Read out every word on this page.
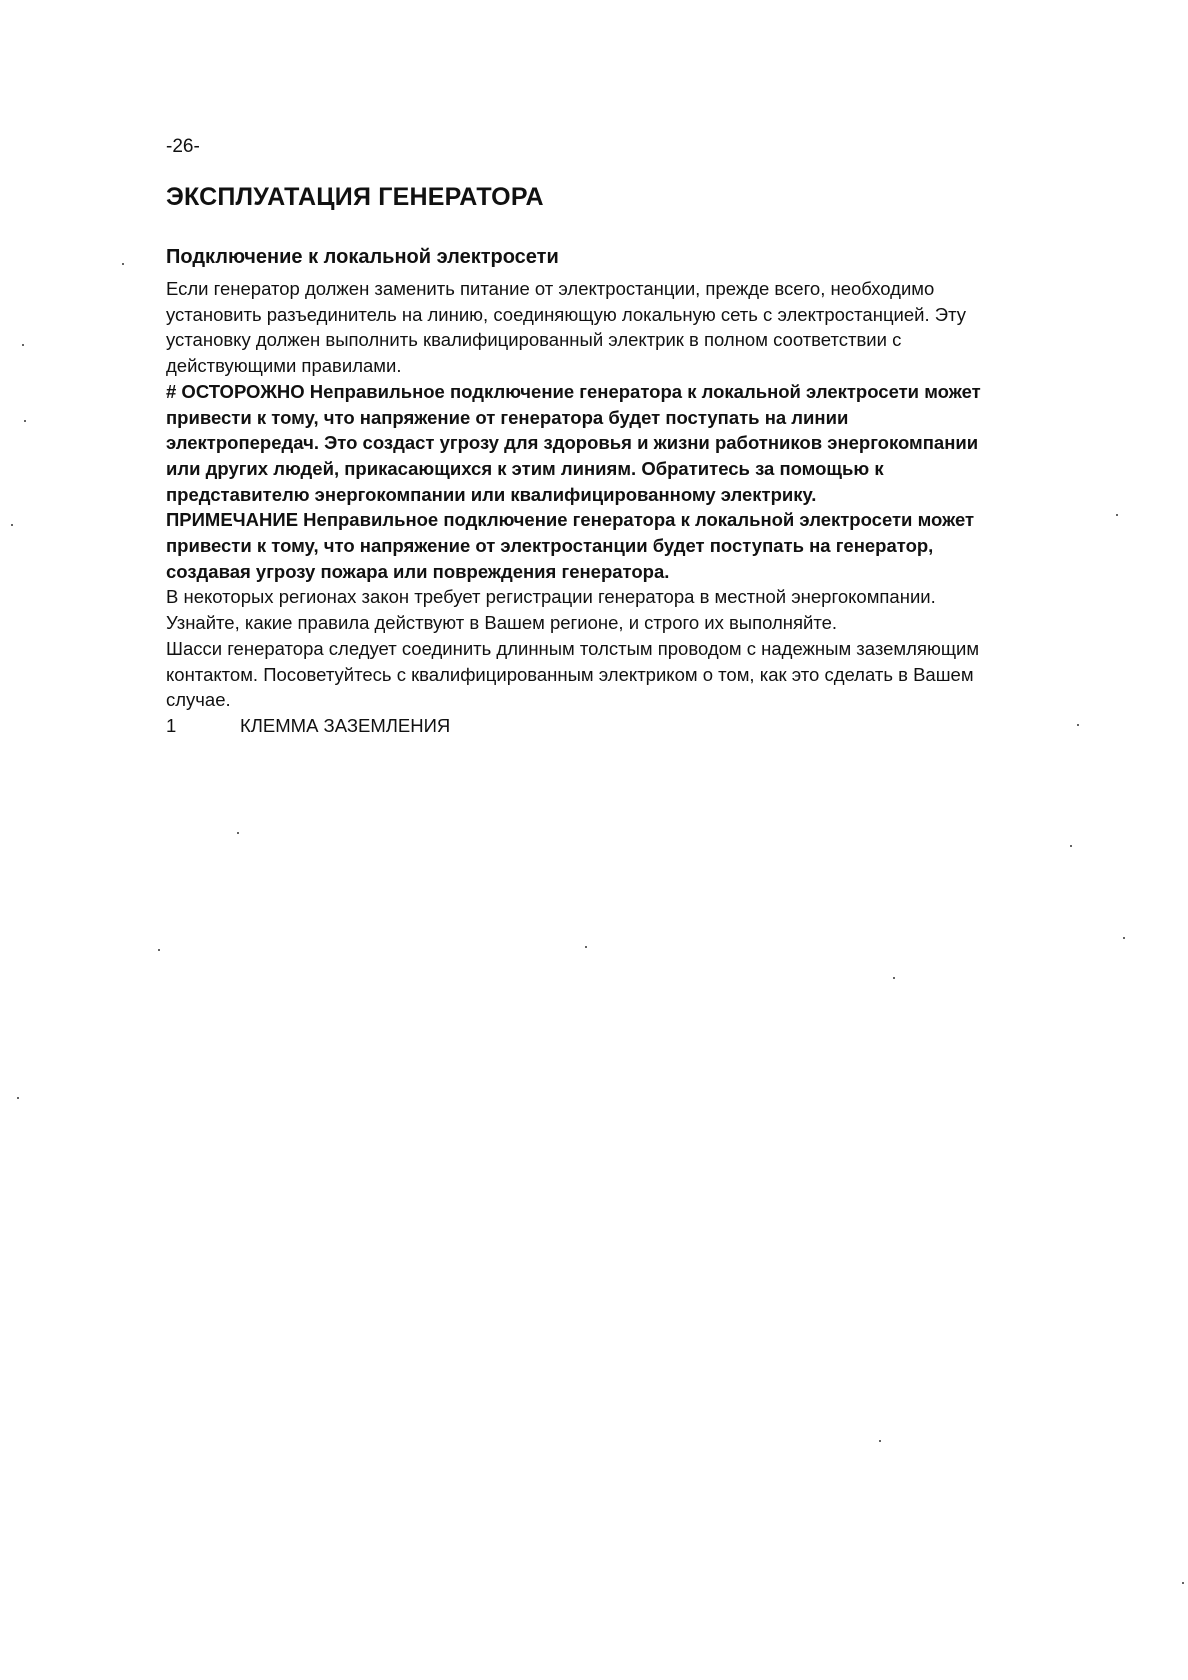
-26-
ЭКСПЛУАТАЦИЯ ГЕНЕРАТОРА
Подключение к локальной электросети

Если генератор должен заменить питание от электростанции, прежде всего, необходимо установить разъединитель на линию, соединяющую локальную сеть с электростанцией. Эту установку должен выполнить квалифицированный электрик в полном соответствии с действующими правилами.

# ОСТОРОЖНО Неправильное подключение генератора к локальной электросети может привести к тому, что напряжение от генератора будет поступать на линии электропередач. Это создаст угрозу для здоровья и жизни работников энергокомпании или других людей, прикасающихся к этим линиям. Обратитесь за помощью к представителю энергокомпании или квалифицированному электрику.

ПРИМЕЧАНИЕ Неправильное подключение генератора к локальной электросети может привести к тому, что напряжение от электростанции будет поступать на генератор, создавая угрозу пожара или повреждения генератора.

В некоторых регионах закон требует регистрации генератора в местной энергокомпании. Узнайте, какие правила действуют в Вашем регионе, и строго их выполняйте.

Шасси генератора следует соединить длинным толстым проводом с надежным заземляющим контактом. Посоветуйтесь с квалифицированным электриком о том, как это сделать в Вашем случае.

1	КЛЕММА ЗАЗЕМЛЕНИЯ
